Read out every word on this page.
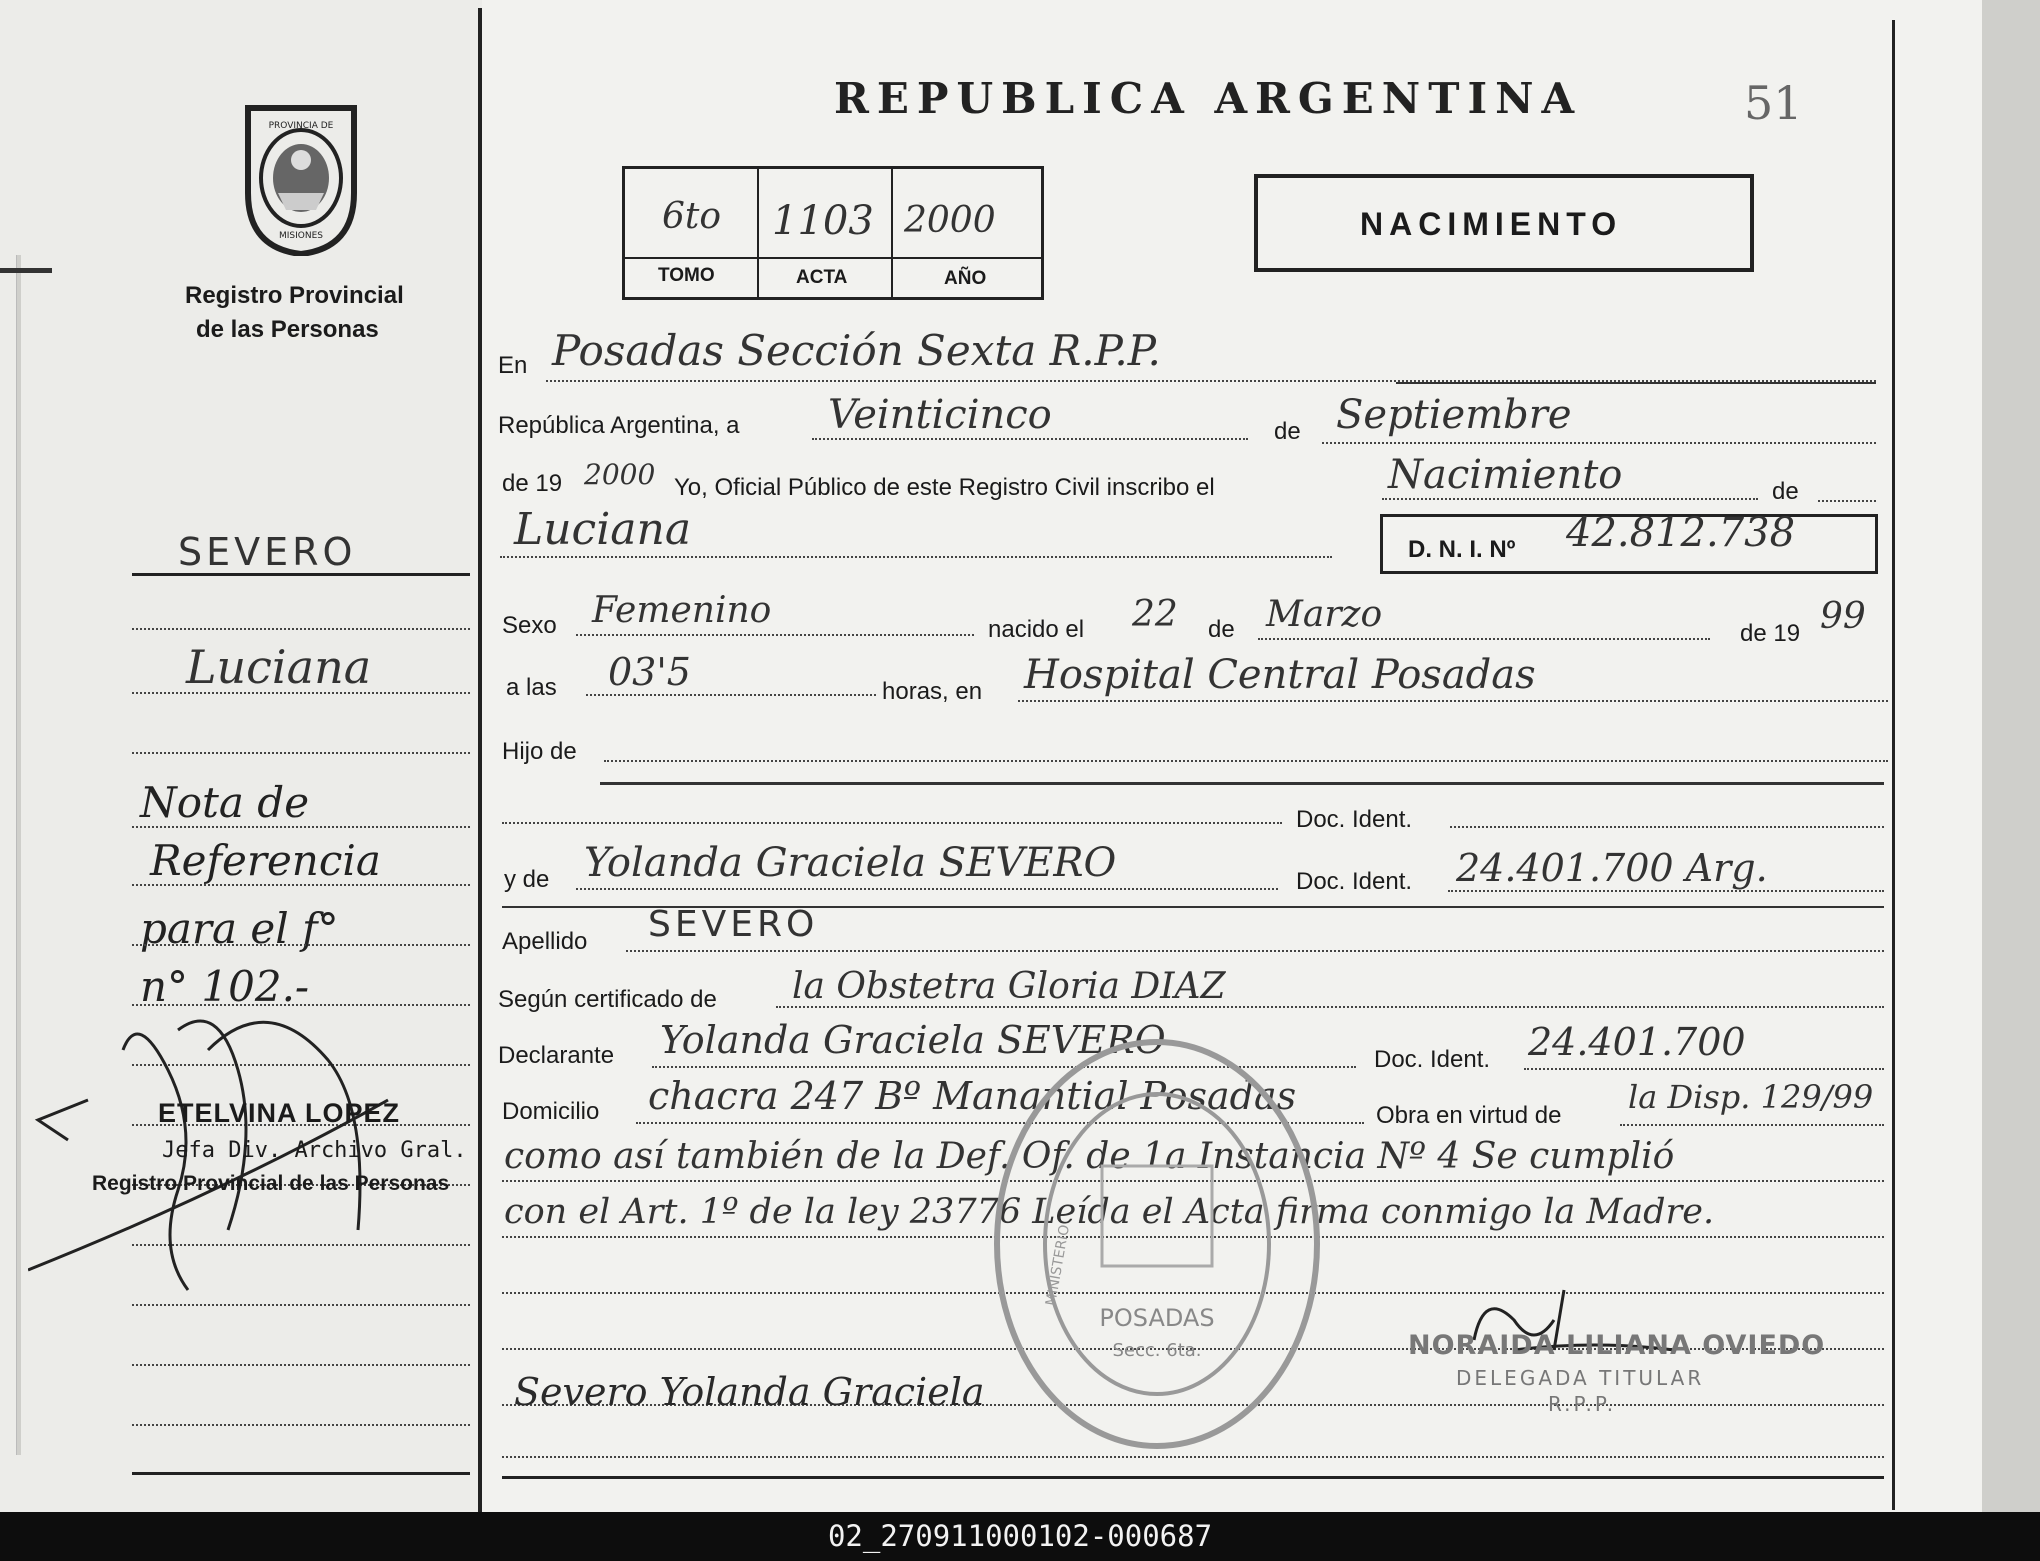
PROVINCIA DE
MISIONES
Registro Provincial
de las Personas
SEVERO
Luciana
Nota de
Referencia
para el f°
n° 102.-
ETELVINA LOPEZ
Jefa Div. Archivo Gral.
Registro Provincial de las Personas
REPUBLICA ARGENTINA	51
6to 1103 2000
TOMO	ACTA	AÑO
NACIMIENTO
En Posadas Sección Sexta R.P.P.
República Argentina, a Veinticinco	de Septiembre
de 19 2000 Yo, Oficial Público de este Registro Civil inscribo el	Nacimiento	de
Luciana	D. N. I. Nº 42.812.738
Sexo Femenino	nacido el 22 de Marzo	de 19 99
a las 03'5	horas, en Hospital Central Posadas
Hijo de
Doc. Ident.
y de Yolanda Graciela SEVERO	Doc. Ident. 24.401.700 Arg.
Apellido SEVERO
Según certificado de la Obstetra Gloria DIAZ
Declarante Yolanda Graciela SEVERO	Doc. Ident. 24.401.700
Domicilio chacra 247 Bº Manantial Posadas	Obra en virtud de la Disp. 129/99
como así también de la Def. Of. de 1a Instancia Nº 4 Se cumplió
con el Art. 1º de la ley 23776 Leída el Acta firma conmigo la Madre.
POSADAS
Secc. 6ta.
MINISTERIO
Severo Yolanda Graciela
NORAIDA LILIANA OVIEDO
DELEGADA TITULAR
R.P.P.
02_270911000102-000687
